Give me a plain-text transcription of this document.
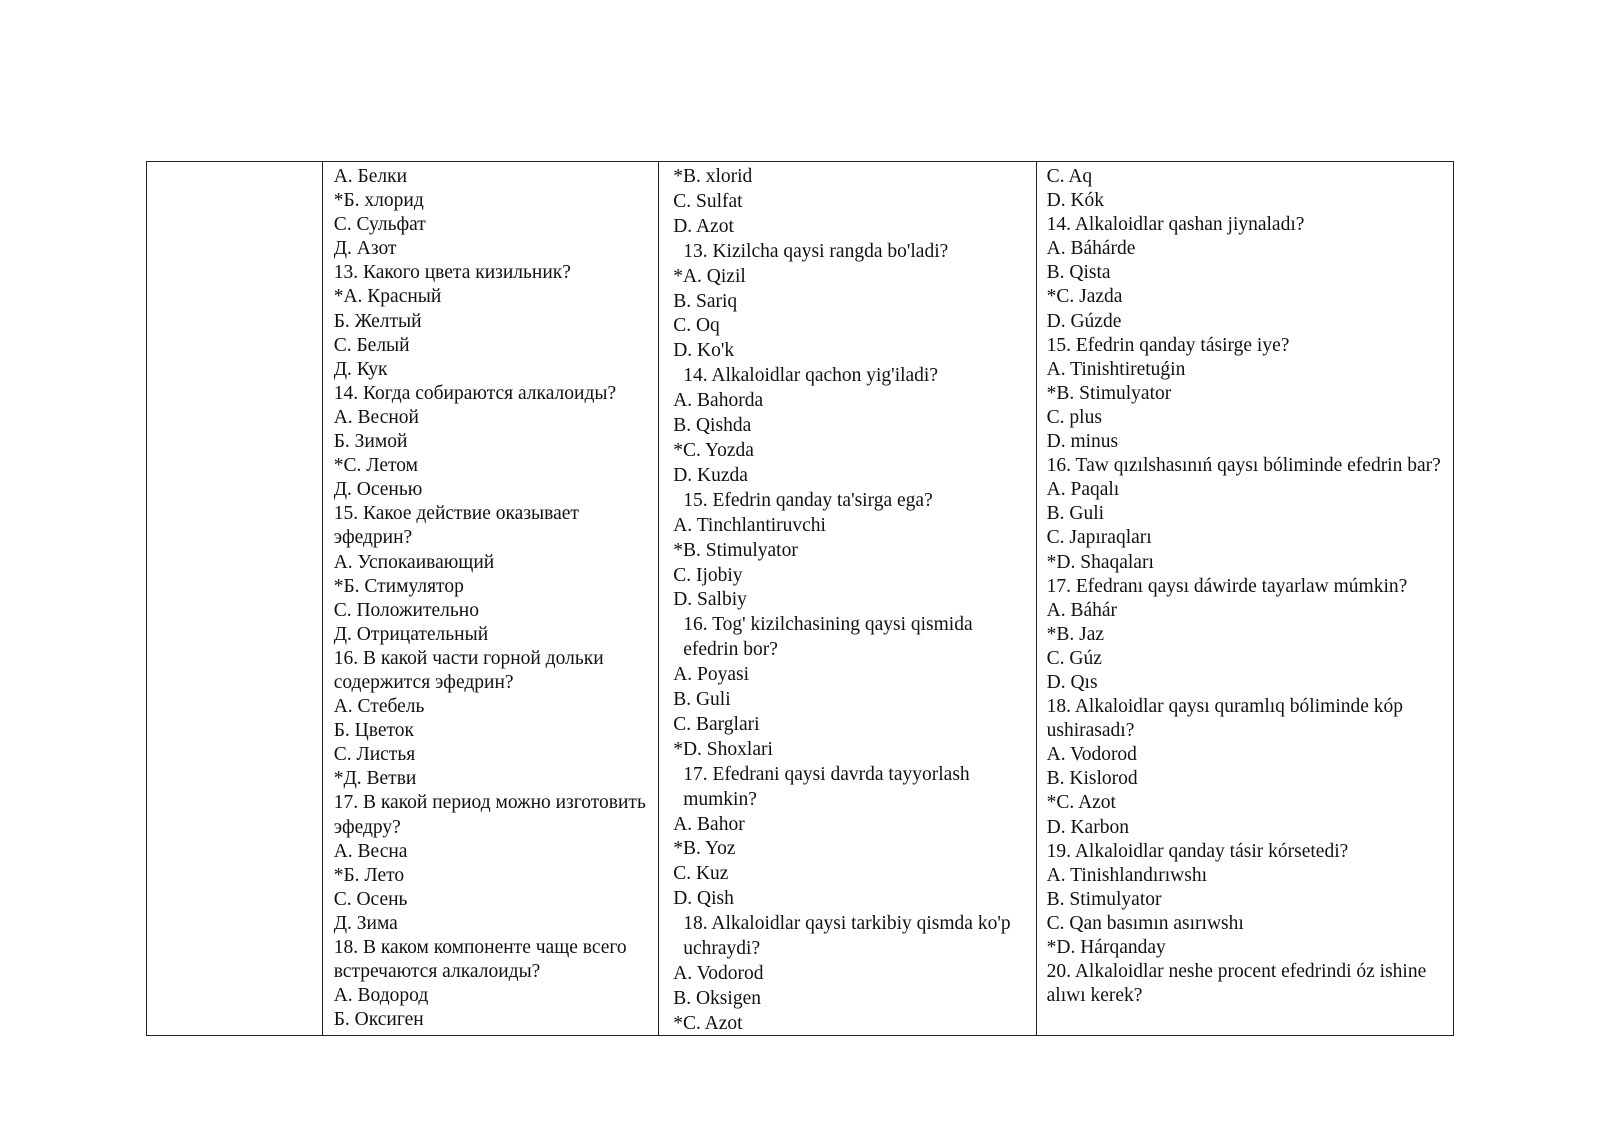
А. Белки
*Б. хлорид
С. Сульфат
Д. Азот
13. Какого цвета кизильник?
*А. Красный
Б. Желтый
С. Белый
Д. Кук
14. Когда собираются алкалоиды?
А. Весной
Б. Зимой
*С. Летом
Д. Осенью
15. Какое действие оказывает эфедрин?
А. Успокаивающий
*Б. Стимулятор
С. Положительно
Д. Отрицательный
16. В какой части горной дольки содержится эфедрин?
А. Стебель
Б. Цветок
С. Листья
*Д. Ветви
17. В какой период можно изготовить эфедру?
А. Весна
*Б. Лето
С. Осень
Д. Зима
18. В каком компоненте чаще всего встречаются алкалоиды?
А. Водород
Б. Оксиген
*B. xlorid
C. Sulfat
D. Azot
13. Kizilcha qaysi rangda bo'ladi?
*A. Qizil
B. Sariq
C. Oq
D. Ko'k
14. Alkaloidlar qachon yig'iladi?
A. Bahorda
B. Qishda
*C. Yozda
D. Kuzda
15. Efedrin qanday ta'sirga ega?
A. Tinchlantiruvchi
*B. Stimulyator
C. Ijobiy
D. Salbiy
16. Tog' kizilchasining qaysi qismida efedrin bor?
A. Poyasi
B. Guli
C. Barglari
*D. Shoxlari
17. Efedrani qaysi davrda tayyorlash mumkin?
A. Bahor
*B. Yoz
C. Kuz
D. Qish
18. Alkaloidlar qaysi tarkibiy qismda ko'p uchraydi?
A. Vodorod
B. Oksigen
*C. Azot
C. Aq
D. Kók
14. Alkaloidlar qashan jiynaladı?
A. Báhárde
B. Qista
*C. Jazda
D. Gúzde
15. Efedrin qanday tásirge iye?
A. Tinishtiretuǵin
*B. Stimulyator
C. plus
D. minus
16. Taw qızılshasınıń qaysı bóliminde efedrin bar?
A. Paqalı
B. Guli
C. Japıraqları
*D. Shaqaları
17. Efedranı qaysı dáwirde tayarlaw múmkin?
A. Báhár
*B. Jaz
C. Gúz
D. Qıs
18. Alkaloidlar qaysı quramlıq bóliminde kóp ushirasadı?
A. Vodorod
B. Kislorod
*C. Azot
D. Karbon
19. Alkaloidlar qanday tásir kórsetedi?
A. Tinishlandırıwshı
B. Stimulyator
C. Qan basımın asırıwshı
*D. Hárqanday
20. Alkaloidlar neshe procent efedrindi óz ishine alıwı kerek?
